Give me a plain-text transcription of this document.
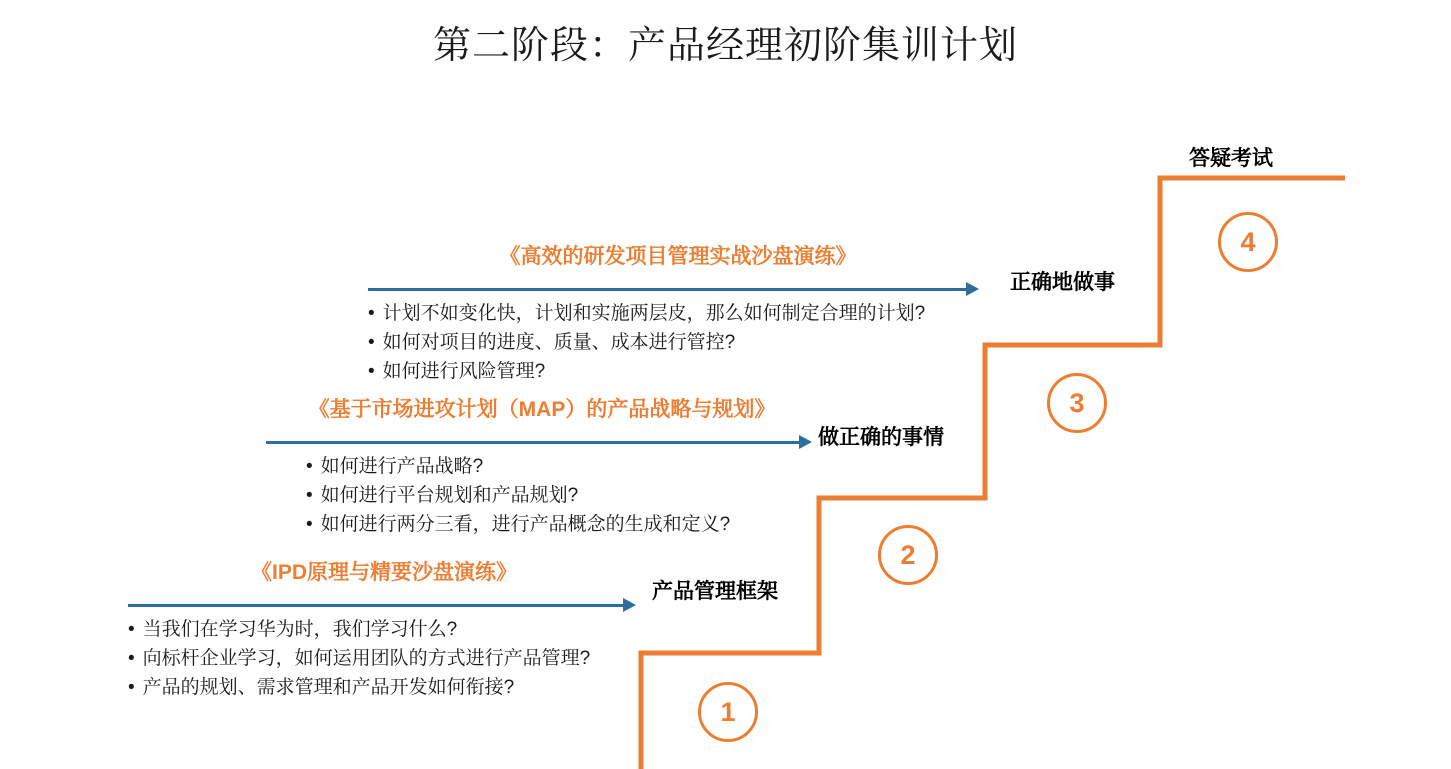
第二阶段：产品经理初阶集训计划
答疑考试
4
《高效的研发项目管理实战沙盘演练》
• 计划不如变化快，计划和实施两层皮，那么如何制定合理的计划?
• 如何对项目的进度、质量、成本进行管控?
• 如何进行风险管理?
正确地做事
3
《基于市场进攻计划（MAP）的产品战略与规划》
• 如何进行产品战略?
• 如何进行平台规划和产品规划?
• 如何进行两分三看，进行产品概念的生成和定义?
做正确的事情
2
《IPD原理与精要沙盘演练》
• 当我们在学习华为时，我们学习什么?
• 向标杆企业学习，如何运用团队的方式进行产品管理?
• 产品的规划、需求管理和产品开发如何衔接?
产品管理框架
1
